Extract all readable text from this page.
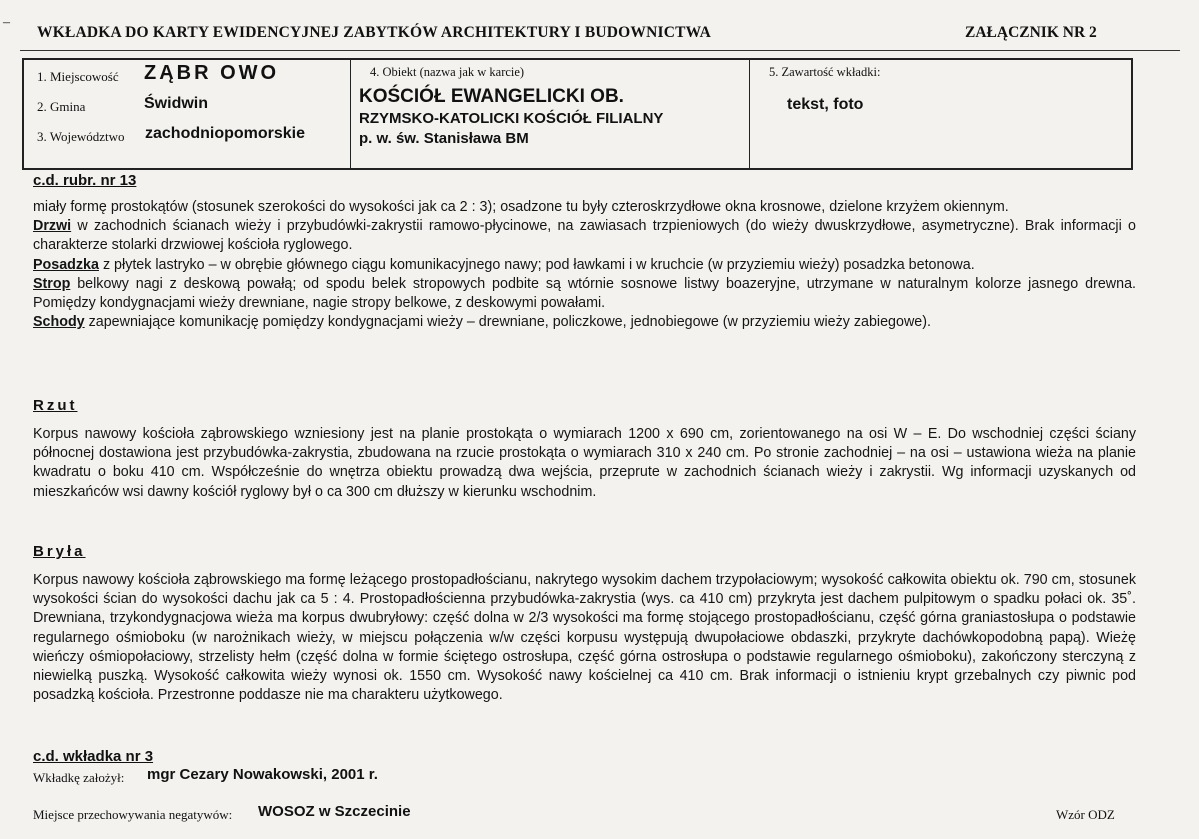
–
WKŁADKA DO KARTY EWIDENCYJNEJ ZABYTKÓW ARCHITEKTURY I BUDOWNICTWA	ZAŁĄCZNIK NR 2
1. Miejscowość ZĄBR OWO
2. Gmina	Świdwin
3. Województwo zachodniopomorskie
4. Obiekt (nazwa jak w karcie)
KOŚCIÓŁ EWANGELICKI OB.
RZYMSKO-KATOLICKI KOŚCIÓŁ FILIALNY
p. w. św. Stanisława BM
5. Zawartość wkładki:
tekst, foto
c.d. rubr. nr 13
miały formę prostokątów (stosunek szerokości do wysokości jak ca 2 : 3); osadzone tu były czteroskrzydłowe okna krosnowe, dzielone krzyżem okiennym.
Drzwi w zachodnich ścianach wieży i przybudówki-zakrystii ramowo-płycinowe, na zawiasach trzpieniowych (do wieży dwuskrzydłowe, asymetryczne). Brak informacji o charakterze stolarki drzwiowej kościoła ryglowego.
Posadzka z płytek lastryko – w obrębie głównego ciągu komunikacyjnego nawy; pod ławkami i w kruchcie (w przyziemiu wieży) posadzka betonowa.
Strop belkowy nagi z deskową powałą; od spodu belek stropowych podbite są wtórnie sosnowe listwy boazeryjne, utrzymane w naturalnym kolorze jasnego drewna. Pomiędzy kondygnacjami wieży drewniane, nagie stropy belkowe, z deskowymi powałami.
Schody zapewniające komunikację pomiędzy kondygnacjami wieży – drewniane, policzkowe, jednobiegowe (w przyziemiu wieży zabiegowe).
Rzut
Korpus nawowy kościoła ząbrowskiego wzniesiony jest na planie prostokąta o wymiarach 1200 x 690 cm, zorientowanego na osi W – E. Do wschodniej części ściany północnej dostawiona jest przybudówka-zakrystia, zbudowana na rzucie prostokąta o wymiarach 310 x 240 cm. Po stronie zachodniej – na osi – ustawiona wieża na planie kwadratu o boku 410 cm. Współcześnie do wnętrza obiektu prowadzą dwa wejścia, przeprute w zachodnich ścianach wieży i zakrystii. Wg informacji uzyskanych od mieszkańców wsi dawny kościół ryglowy był o ca 300 cm dłuższy w kierunku wschodnim.
Bryła
Korpus nawowy kościoła ząbrowskiego ma formę leżącego prostopadłościanu, nakrytego wysokim dachem trzypołaciowym; wysokość całkowita obiektu ok. 790 cm, stosunek wysokości ścian do wysokości dachu jak ca 5 : 4. Prostopadłościenna przybudówka-zakrystia (wys. ca 410 cm) przykryta jest dachem pulpitowym o spadku połaci ok. 35˚. Drewniana, trzykondygnacjowa wieża ma korpus dwubryłowy: część dolna w 2/3 wysokości ma formę stojącego prostopadłościanu, część górna graniastosłupa o podstawie regularnego ośmioboku (w narożnikach wieży, w miejscu połączenia w/w części korpusu występują dwupołaciowe obdaszki, przykryte dachówkopodobną papą). Wieżę wieńczy ośmiopołaciowy, strzelisty hełm (część dolna w formie ściętego ostrosłupa, część górna ostrosłupa o podstawie regularnego ośmioboku), zakończony sterczyną z niewielką puszką. Wysokość całkowita wieży wynosi ok. 1550 cm. Wysokość nawy kościelnej ca 410 cm. Brak informacji o istnieniu krypt grzebalnych czy piwnic pod posadzką kościoła. Przestronne poddasze nie ma charakteru użytkowego.
c.d. wkładka nr 3
Wkładkę założył: mgr Cezary Nowakowski, 2001 r.
Miejsce przechowywania negatywów: WOSOZ w Szczecinie	Wzór ODZ
